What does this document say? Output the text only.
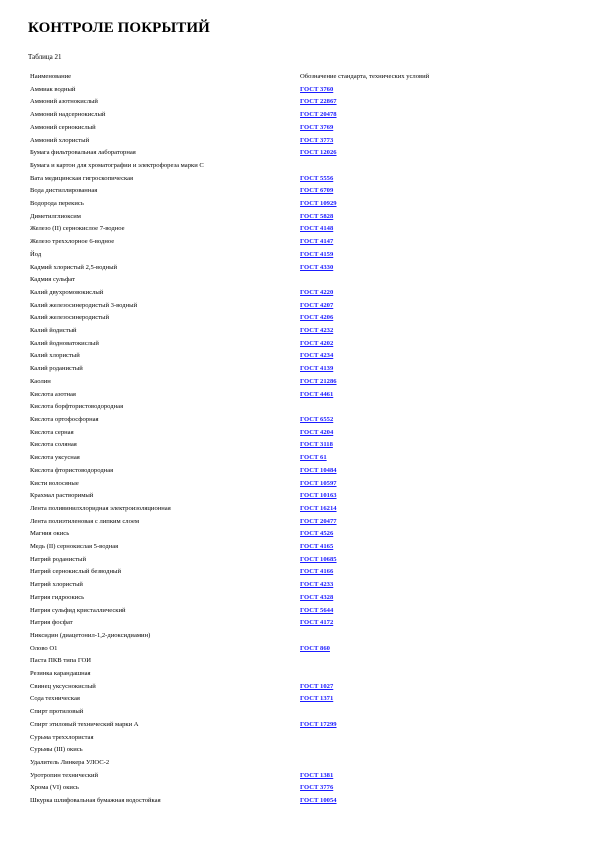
КОНТРОЛЕ ПОКРЫТИЙ
Таблица 21
Наименование	Обозначение стандарта, технических условий
Аммиак водный	ГОСТ 3760
Аммоний азотнокислый	ГОСТ 22867
Аммоний надсернокислый	ГОСТ 20478
Аммоний сернокислый	ГОСТ 3769
Аммоний хлористый	ГОСТ 3773
Бумага фильтровальная лабораторная	ГОСТ 12026
Бумага и картон для хроматографии и электрофореза марки С	
Вата медицинская гигроскопическая	ГОСТ 5556
Вода дистиллированная	ГОСТ 6709
Водорода перекись	ГОСТ 10929
Диметилглиоксим	ГОСТ 5828
Железо (II) сернокислое 7-водное	ГОСТ 4148
Железо треххлорное 6-водное	ГОСТ 4147
Йод	ГОСТ 4159
Кадмий хлористый 2,5-водный	ГОСТ 4330
Кадмия сульфат	
Калий двухромовокислый	ГОСТ 4220
Калий железосинеродистый 3-водный	ГОСТ 4207
Калий железосинеродистый	ГОСТ 4206
Калий йодистый	ГОСТ 4232
Калий йодноватокислый	ГОСТ 4202
Калий хлористый	ГОСТ 4234
Калий роданистый	ГОСТ 4139
Каолин	ГОСТ 21286
Кислота азотная	ГОСТ 4461
Кислота борфтористоводородная	
Кислота ортофосфорная	ГОСТ 6552
Кислота серная	ГОСТ 4204
Кислота соляная	ГОСТ 3118
Кислота уксусная	ГОСТ 61
Кислота фтористоводородная	ГОСТ 10484
Кисти волосяные	ГОСТ 10597
Крахмал растворимый	ГОСТ 10163
Лента поливинилхлоридная электроизоляционная	ГОСТ 16214
Лента полиэтиленовая с липким слоем	ГОСТ 20477
Магния окись	ГОСТ 4526
Медь (II) сернокислая 5-водная	ГОСТ 4165
Натрий роданистый	ГОСТ 10685
Натрий сернокислый безводный	ГОСТ 4166
Натрий хлористый	ГОСТ 4233
Натрия гидроокись	ГОСТ 4328
Натрия сульфид кристаллический	ГОСТ 5644
Натрия фосфат	ГОСТ 4172
Никсидин (диацетонил-1,2-диоксидиамин)	
Олово О1	ГОСТ 860
Паста ПКВ типа ГОИ	
Резинка карандашная	
Свинец уксуснокислый	ГОСТ 1027
Сода техническая	ГОСТ 1371
Спирт протиловый	
Спирт этиловый технический марки А	ГОСТ 17299
Сурьма треххлористая	
Сурьмы (III) окись	
Удалитель Линкера УЛОС-2	
Уротропин технический	ГОСТ 1381
Хрома (VI) окись	ГОСТ 3776
Шкурка шлифовальная бумажная водостойкая	ГОСТ 10054
